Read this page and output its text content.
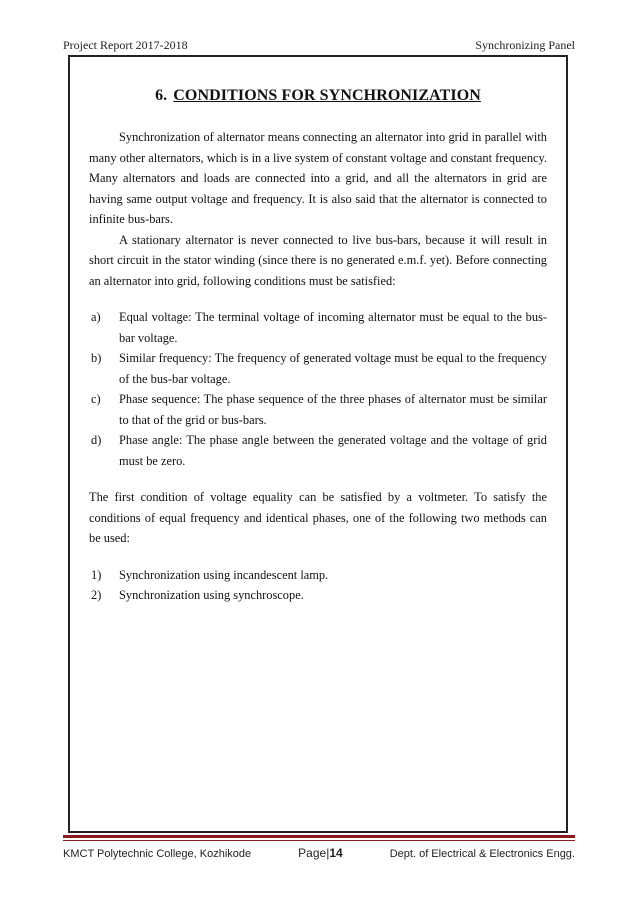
Project Report 2017-2018	Synchronizing Panel
6. CONDITIONS FOR SYNCHRONIZATION

Synchronization of alternator means connecting an alternator into grid in parallel with many other alternators, which is in a live system of constant voltage and constant frequency. Many alternators and loads are connected into a grid, and all the alternators in grid are having same output voltage and frequency. It is also said that the alternator is connected to infinite bus-bars.

A stationary alternator is never connected to live bus-bars, because it will result in short circuit in the stator winding (since there is no generated e.m.f. yet). Before connecting an alternator into grid, following conditions must be satisfied:

a) Equal voltage: The terminal voltage of incoming alternator must be equal to the bus-bar voltage.
b) Similar frequency: The frequency of generated voltage must be equal to the frequency of the bus-bar voltage.
c) Phase sequence: The phase sequence of the three phases of alternator must be similar to that of the grid or bus-bars.
d) Phase angle: The phase angle between the generated voltage and the voltage of grid must be zero.

The first condition of voltage equality can be satisfied by a voltmeter. To satisfy the conditions of equal frequency and identical phases, one of the following two methods can be used:

1) Synchronization using incandescent lamp.
2) Synchronization using synchroscope.
KMCT Polytechnic College, Kozhikode	Page|14	Dept. of Electrical & Electronics Engg.
